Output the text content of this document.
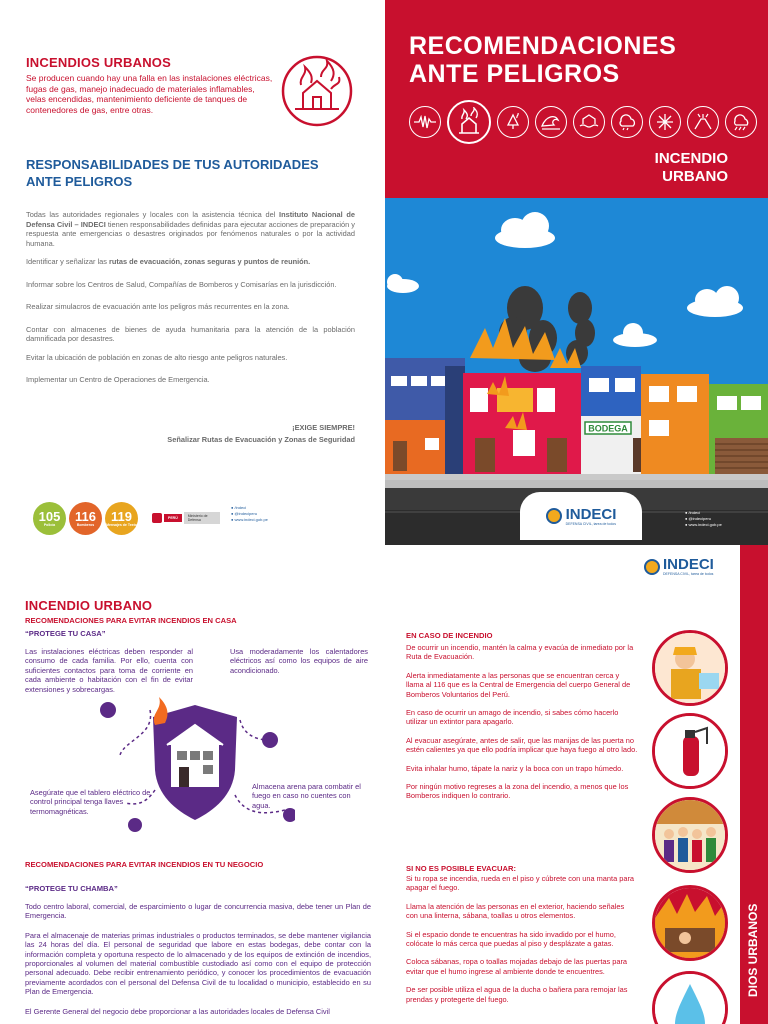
INCENDIOS URBANOS
Se producen cuando hay una falla en las instalaciones eléctricas, fugas de gas, manejo inadecuado de materiales inflamables, velas encendidas, mantenimiento deficiente de tanques de contenedores de gas, entre otras.
RESPONSABILIDADES DE TUS AUTORIDADES
ANTE PELIGROS

Todas las autoridades regionales y locales con la asistencia técnica del Instituto Nacional de Defensa Civil – INDECI tienen responsabilidades definidas para ejecutar acciones de preparación y respuesta ante emergencias o desastres originados por fenómenos naturales o por la actividad humana.

Identificar y señalizar las rutas de evacuación, zonas seguras y puntos de reunión.

Informar sobre los Centros de Salud, Compañías de Bomberos y Comisarías en la jurisdicción.

Realizar simulacros de evacuación ante los peligros más recurrentes en la zona.

Contar con almacenes de bienes de ayuda humanitaria para la atención de la población damnificada por desastres.

Evitar la ubicación de población en zonas de alto riesgo ante peligros naturales.

Implementar un Centro de Operaciones de Emergencia.

¡EXIGE SIEMPRE!
Señalizar Rutas de Evacuación y Zonas de Seguridad
105
Policía
116
Bomberos
119
Mensajes de Texto
PERÚ	Ministerio de Defensa
● /indeci
● @indeciperu
● www.indeci.gob.pe
RECOMENDACIONES
ANTE PELIGROS
INCENDIO
URBANO
BODEGA
INDECI
DEFENSA CIVIL, tarea de todos
● /indeci
● @indeciperu
● www.indeci.gob.pe
DIOS URBANOS
INDECI
DEFENSA CIVIL, tarea de todos
INCENDIO URBANO
RECOMENDACIONES PARA EVITAR INCENDIOS EN CASA
“PROTEGE TU CASA”
Las instalaciones eléctricas deben responder al consumo de cada familia. Por ello, cuenta con suficientes contactos para toma de corriente en cada ambiente o habitación con el fin de evitar extensiones y sobrecargas.
Usa moderadamente los calentadores eléctricos así como los equipos de aire acondicionado.
Asegúrate que el tablero eléctrico de control principal tenga llaves termomagnéticas.
Almacena arena para combatir el fuego en caso no cuentes con agua.
RECOMENDACIONES PARA EVITAR INCENDIOS EN TU NEGOCIO
“PROTEGE TU CHAMBA”

Todo centro laboral, comercial, de esparcimiento o lugar de concurrencia masiva, debe tener un Plan de Emergencia.

Para el almacenaje de materias primas industriales o productos terminados, se debe mantener vigilancia las 24 horas del día. El personal de seguridad que labore en estas bodegas, debe contar con la información completa y oportuna respecto de lo almacenado y de los equipos de extinción de incendios, proporcionales al volumen del material combustible custodiado así como con el equipo de protección personal adecuado. Debe recibir entrenamiento periódico, y conocer los procedimientos de evacuación previamente acordados con el personal del Defensa Civil de tu localidad o municipio, establecido en su Plan de Emergencia.

El Gerente General del negocio debe proporcionar a las autoridades locales de Defensa Civil

EN CASO DE INCENDIO

De ocurrir un incendio, mantén la calma y evacúa de inmediato por la Ruta de Evacuación.

Alerta inmediatamente a las personas que se encuentran cerca y llama al 116 que es la Central de Emergencia del cuerpo General de Bomberos Voluntarios del Perú.

En caso de ocurrir un amago de incendio, si sabes cómo hacerlo utilizar un extintor para apagarlo.

Al evacuar asegúrate, antes de salir, que las manijas de las puerta no estén calientes ya que ello podría implicar que haya fuego al otro lado.

Evita inhalar humo, tápate la nariz y la boca con un trapo húmedo.

Por ningún motivo regreses a la zona del incendio, a menos que los Bomberos indiquen lo contrario.

SI NO ES POSIBLE EVACUAR:

Si tu ropa se incendia, rueda en el piso y cúbrete con una manta para apagar el fuego.

Llama la atención de las personas en el exterior, haciendo señales con una linterna, sábana, toallas u otros elementos.

Si el espacio donde te encuentras ha sido invadido por el humo, colócate lo más cerca que puedas al piso y desplázate a gatas.

Coloca sábanas, ropa o toallas mojadas debajo de las puertas para evitar que el humo ingrese al ambiente donde te encuentres.

De ser posible utiliza el agua de la ducha o bañera para remojar las prendas y protegerte del fuego.
